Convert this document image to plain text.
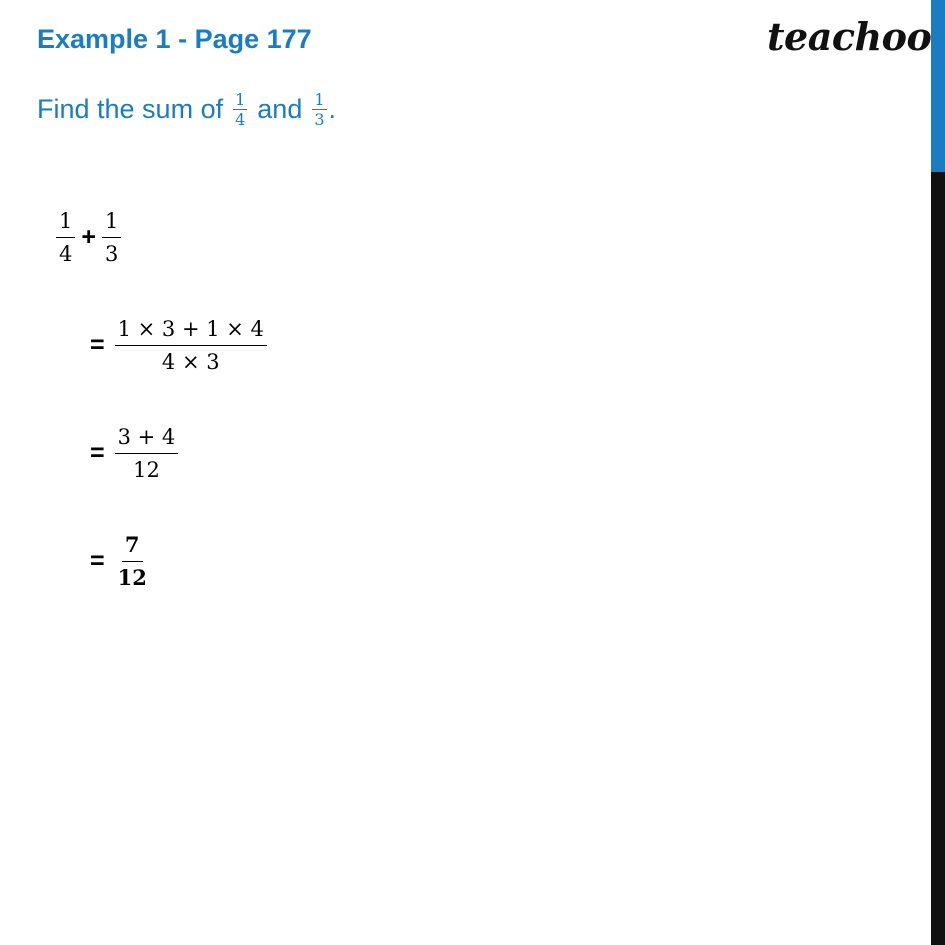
Example 1 - Page 177	teachoo
Find the sum of $\frac{1}{4}$ and $\frac{1}{3}$ .
$\frac{1}{4} + \frac{1}{3}$
= $\frac{1 \times 3 + 1 \times 4}{4 \times 3}$
= $\frac{3 + 4}{12}$
= $\frac{7}{12}$
